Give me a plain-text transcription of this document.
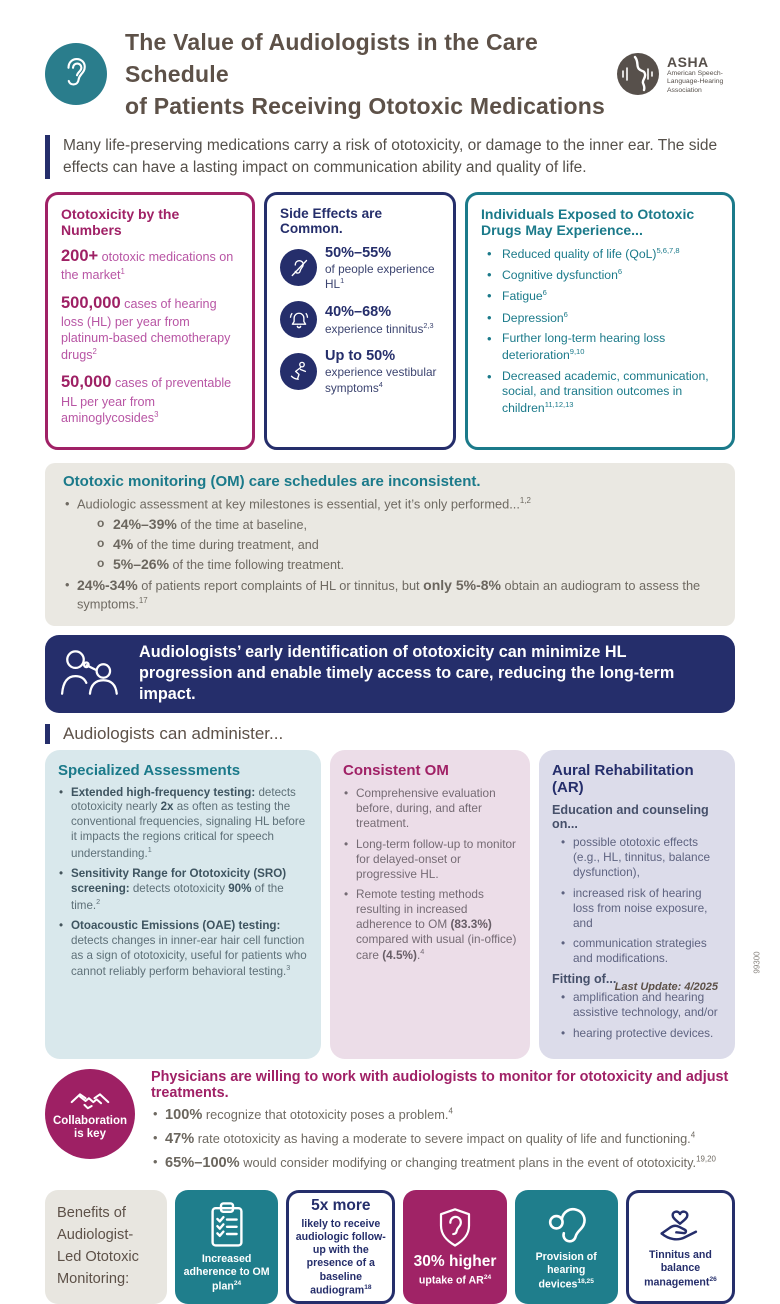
The Value of Audiologists in the Care Schedule
of Patients Receiving Ototoxic Medications
ASHA
American Speech-Language-Hearing Association

Many life-preserving medications carry a risk of ototoxicity, or damage to the inner ear. The side effects can have a lasting impact on communication ability and quality of life.

Ototoxicity by the Numbers

200+ ototoxic medications on the market$^1$

500,000 cases of hearing loss (HL) per year from platinum-based chemotherapy drugs$^2$

50,000 cases of preventable HL per year from aminoglycosides$^3$

Side Effects are Common.

50%–55%
of people experience $HL^1$

40%–68%
experience tinnitus$^{2,3}$

Up to 50%
experience vestibular symptoms$^4$

Individuals Exposed to Ototoxic Drugs May Experience...
• Reduced quality of life (QoL)$^{5,6,7,8}$
• Cognitive dysfunction$^6$
• Fatigue$^6$
• Depression$^6$
• Further long-term hearing loss deterioration$^{9,10}$
• Decreased academic, communication, social, and transition outcomes in children$^{11,12,13}$
Ototoxic monitoring (OM) care schedules are inconsistent.
• Audiologic assessment at key milestones is essential, yet it’s only performed...$^{1,2}$
o 24%–39% of the time at baseline,
o 4% of the time during treatment, and
o 5%–26% of the time following treatment.
• 24%-34% of patients report complaints of HL or tinnitus, but only 5%-8% obtain an audiogram to assess the symptoms.$^{17}$

Audiologists’ early identification of ototoxicity can minimize HL progression and enable timely access to care, reducing the long-term impact.

Audiologists can administer...
Specialized Assessments
• Extended high-frequency testing: detects ototoxicity nearly 2x as often as testing the conventional frequencies, signaling HL before it impacts the regions critical for speech understanding.$^1$
• Sensitivity Range for Ototoxicity (SRO) screening: detects ototoxicity 90% of the time.$^2$
• Otoacoustic Emissions (OAE) testing: detects changes in inner-ear hair cell function as a sign of ototoxicity, useful for patients who cannot reliably perform behavioral testing.$^3$
Consistent OM
• Comprehensive evaluation before, during, and after treatment.
• Long-term follow-up to monitor for delayed-onset or progressive HL.
• Remote testing methods resulting in increased adherence to OM (83.3%) compared with usual (in-office) care (4.5%).$^4$
Aural Rehabilitation (AR)
Education and counseling on...
• possible ototoxic effects (e.g., HL, tinnitus, balance dysfunction),
• increased risk of hearing loss from noise exposure, and
• communication strategies and modifications.
Fitting of...
• amplification and hearing assistive technology, and/or
• hearing protective devices.
Collaboration
is key
Physicians are willing to work with audiologists to monitor for ototoxicity and adjust treatments.
• 100% recognize that ototoxicity poses a problem.$^4$
• 47% rate ototoxicity as having a moderate to severe impact on quality of life and functioning.$^4$
• 65%–100% would consider modifying or changing treatment plans in the event of ototoxicity.$^{19,20}$
Benefits of Audiologist-Led Ototoxic Monitoring:

Increased adherence to OM plan$^{24}$

5x more

likely to receive audiologic follow-up with the presence of a baseline audiogram$^{18}$

30% higher

uptake of AR$^{24}$

Provision of hearing devices$^{18,25}$

Tinnitus and balance management$^{26}$

Last Update: 4/2025
99300
